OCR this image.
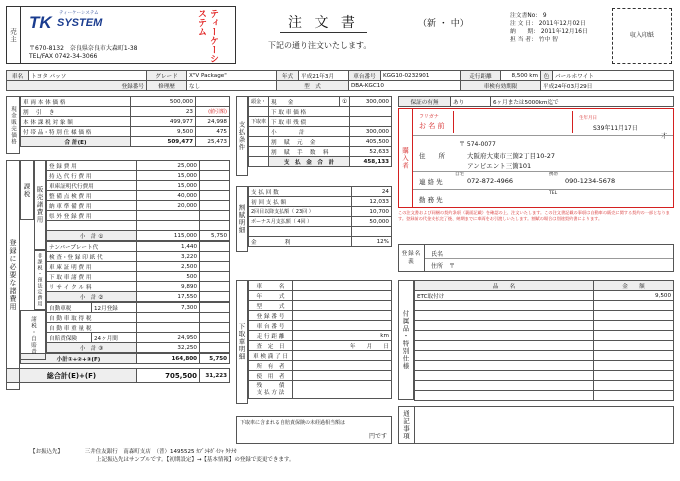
売主
ティーケーシステム
TK SYSTEM	ティーケーシステム
〒670-8132　奈良県奈良市大森町1-38
TEL/FAX 0742-34-3066
注 文 書	（新 ・ 中）
下記の通り注文いたします。
注文書No： 9
注 文 日： 2011年12月02日
納　　期： 2011年12月16日
担 当 者： 竹中 智
収入印紙
車名	トヨタ パッソ	グレード	X"V Package"	年式	平成21年3月	車台番号	KGG10-0232901	走行距離	8,500 km	色	パールホワイト
登録番号		修理歴	なし	型　式		DBA-KGC10		車検有効期限		平成24年03月29日	
現金販売価格
車 両 本 体 価 格	500,000	
割 　引　 き	23	(値引額)
本 体 課 税 対 象 額	499,977	24,998
付 帯 品・特 別 仕 様 価 格	9,500	475
合 計(E)	509,477	25,473
登録に必要な諸費用
課税 販売諸費用
登 録 費 用	25,000	
持 込 代 行 費 用	15,000	
車庫証明代行費用	15,000	
整 備 点 検 費 用	40,000	
納 車 準 備 費 用	20,000	
県 外 登 録 費 用		

小　計 ①	115,000	5,750
非課税・預法定費用
ナンバープレート代	1,440	
検 査・登 録 印 紙 代	3,220	
車 庫 証 明 費 用	2,500	
下 取 車 諸 費 用	500	
リ サ イ ク ル 料	9,890	
小　計 ②	17,550	
諸税・自賠責
自動車税	12月登録	7,300	
自 動 車 取 得 税			
自 動 車 重 量 税			
自賠責保険	24ヶ月間	24,950	
小　計 ③		32,250	
小計①+②+③(F)	164,800	5,750
総合計(E)+(F)	705,500	31,223
支払条件
頭金・	現　　金	①	300,000
	下 取 車 価 格		
下取車	下 取 車 残 債		
	小　　　　計		300,000
	割　 賦　 元　 金		405,500
	割　 賦　 手　 数　 料		52,633
	支　払　金　合　計		458,133
割賦明細
支 払 回 数	24
初 回 支 払 額	12,033
2回目以降支払額（ 23回 ）	10,700
ボーナス月支払額（ 4回 ）	50,000

金　　　　　利	12%
下取車明細
車　　　名	
年　　　式	
型　　　式	
登 録 番 号	
車 台 番 号	
走 行 距 離	km
査　定　日	年　　月　　日
車 検 満 了 日	
所　有　者	
使　用　者	
残　　　債
支 払 方 法	
下取車に含まれる自賠責保険の未経過相当額は
円です
保証の有無	あり	6ヶ月または5000km迄で
購入者
フリガナ
お 名 前
生年月日
S39年11月17日
才
住　　所
〒 574-0077
大阪府大東市三箇2丁目10-27
アンビエント三箇101
連 絡 先
自宅
072-872-4966
携帯
090-1234-5678
勤 務 先
TEL
この注文書および同梱の契約条項（裏面記載）を確認の上、注文いたします。この注文書記載の事項は自動車の販売に関する契約の一部となります。登録前の代金支払完了後、納期までに車両をお引渡しいたします。割賦の場合は別途契約書によります。
登録名義
氏名
住所 〒
付属品・特別仕様
品　　名	金　　額
ETC取付け	9,500

通記事項
【お振込先】	三井住友銀行　南森町支店　（普）1495525 ｶﾌﾞｼｷｶﾞｲｼｬ ﾀｹﾅｶ
上記振込先はサンプルです。【初期設定】→【基本情報】の登録で変更できます。
